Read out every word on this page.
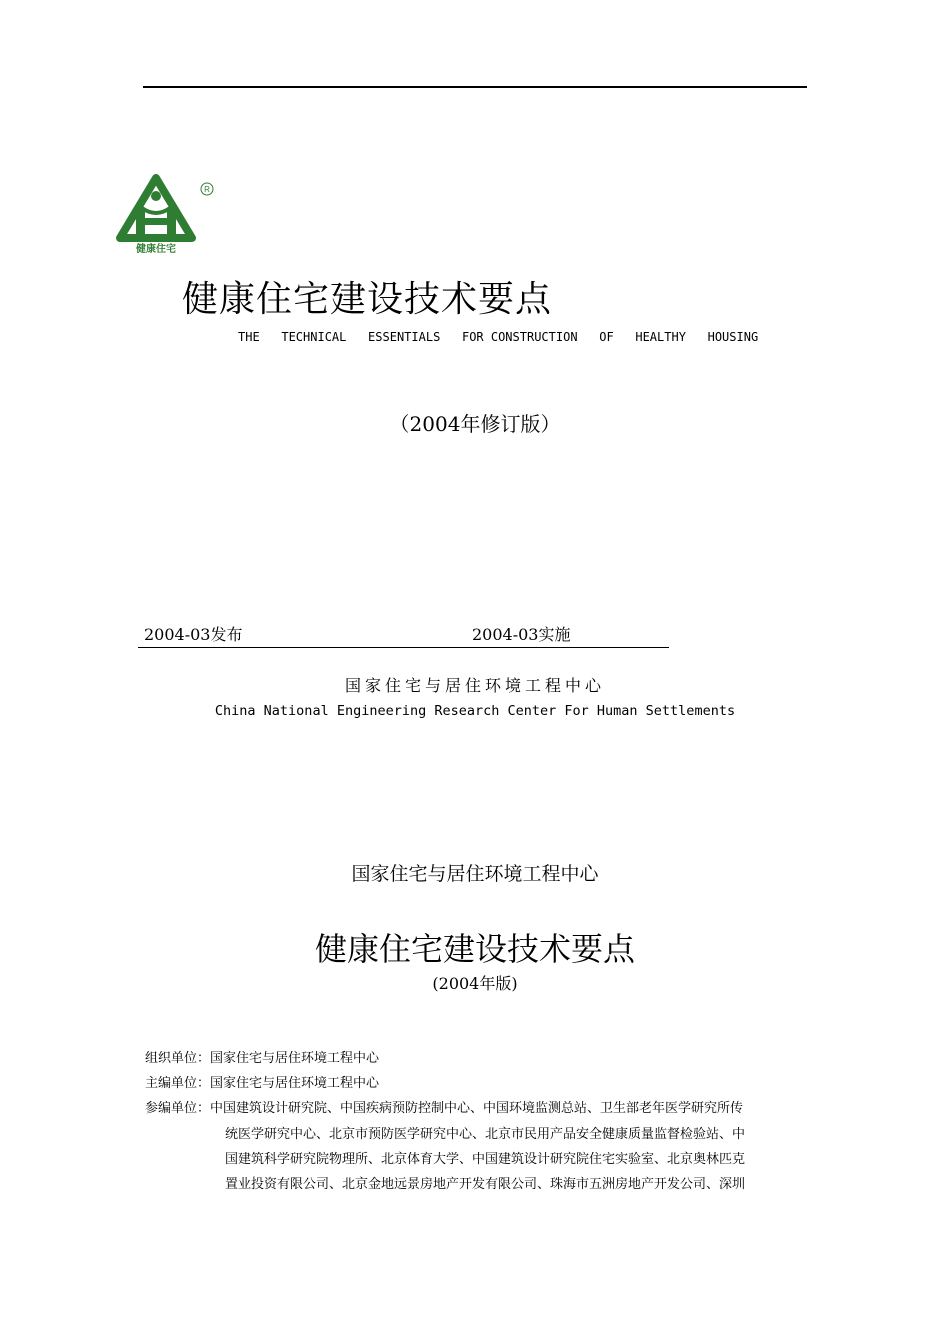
健康住宅
R
健康住宅建设技术要点
THE   TECHNICAL   ESSENTIALS   FOR CONSTRUCTION   OF   HEALTHY   HOUSING
（2004年修订版）
2004-03发布	2004-03实施
国家住宅与居住环境工程中心
China National Engineering Research Center For Human Settlements
国家住宅与居住环境工程中心
健康住宅建设技术要点
(2004年版)
组织单位：国家住宅与居住环境工程中心
主编单位：国家住宅与居住环境工程中心
参编单位：中国建筑设计研究院、中国疾病预防控制中心、中国环境监测总站、卫生部老年医学研究所传
统医学研究中心、北京市预防医学研究中心、北京市民用产品安全健康质量监督检验站、中
国建筑科学研究院物理所、北京体育大学、中国建筑设计研究院住宅实验室、北京奥林匹克
置业投资有限公司、北京金地远景房地产开发有限公司、珠海市五洲房地产开发公司、深圳
